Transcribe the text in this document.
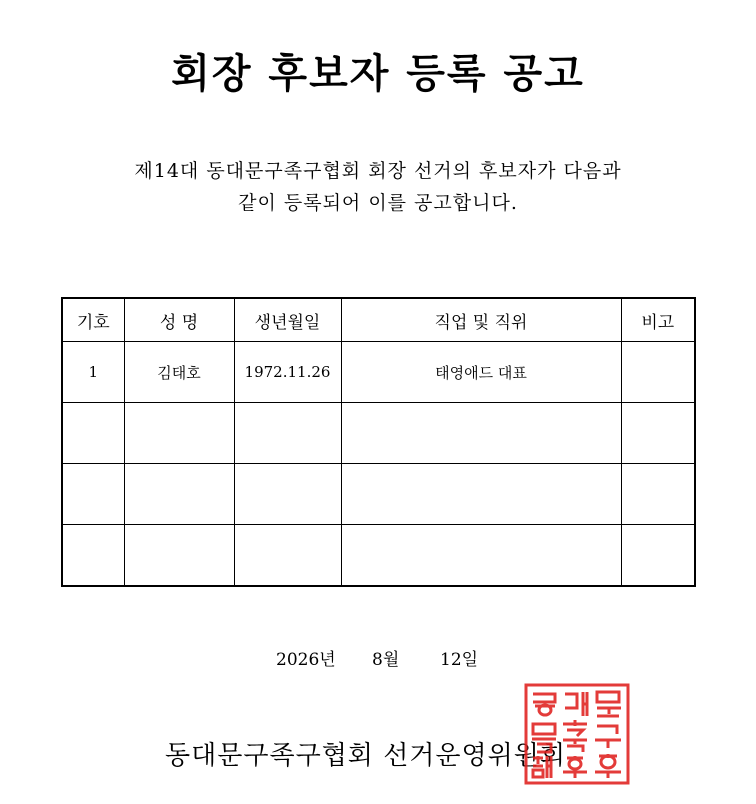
회장 후보자 등록 공고
제14대 동대문구족구협회 회장 선거의 후보자가 다음과
같이 등록되어 이를 공고합니다.
기호	성 명	생년월일	직업 및 직위	비고
1	김태호	1972.11.26	태영애드 대표	

2026년 8월 12일
동대문구족구협회 선거운영위원회
